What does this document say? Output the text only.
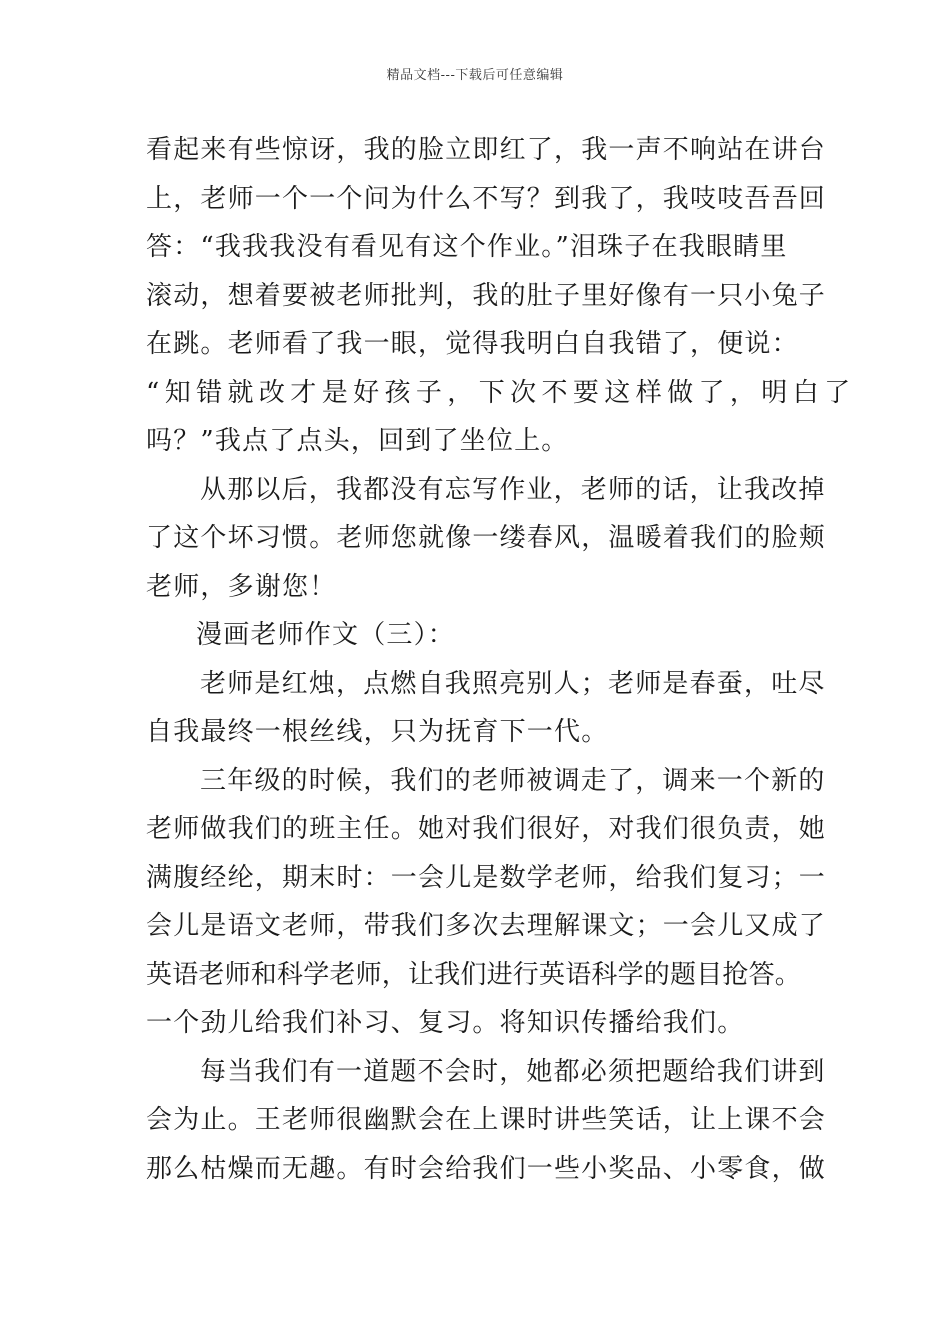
精品文档---下载后可任意编辑
看起来有些惊讶，我的脸立即红了，我一声不响站在讲台
上，老师一个一个问为什么不写？到我了，我吱吱吾吾回
答：“我我我没有看见有这个作业。”泪珠子在我眼睛里
滚动，想着要被老师批判，我的肚子里好像有一只小兔子
在跳。老师看了我一眼，觉得我明白自我错了，便说：
“知错就改才是好孩子，下次不要这样做了，明白了
吗？”我点了点头，回到了坐位上。
从那以后，我都没有忘写作业，老师的话，让我改掉
了这个坏习惯。老师您就像一缕春风，温暖着我们的脸颊
老师，多谢您！
漫画老师作文（三）：
老师是红烛，点燃自我照亮别人；老师是春蚕，吐尽
自我最终一根丝线，只为抚育下一代。
三年级的时候，我们的老师被调走了，调来一个新的
老师做我们的班主任。她对我们很好，对我们很负责，她
满腹经纶，期末时：一会儿是数学老师，给我们复习；一
会儿是语文老师，带我们多次去理解课文；一会儿又成了
英语老师和科学老师，让我们进行英语科学的题目抢答。
一个劲儿给我们补习、复习。将知识传播给我们。
每当我们有一道题不会时，她都必须把题给我们讲到
会为止。王老师很幽默会在上课时讲些笑话，让上课不会
那么枯燥而无趣。有时会给我们一些小奖品、小零食，做
